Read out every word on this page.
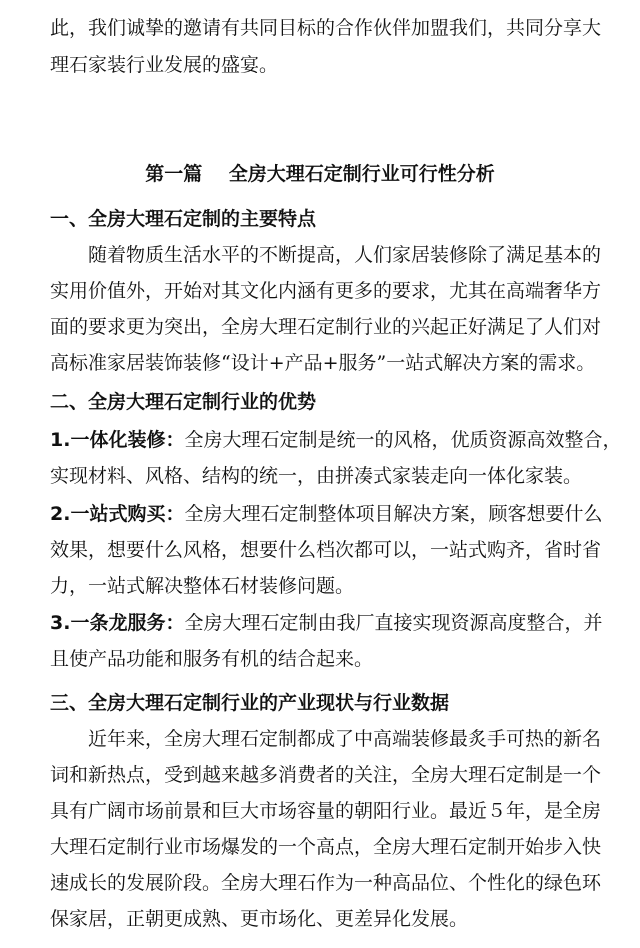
此，我们诚挚的邀请有共同目标的合作伙伴加盟我们，共同分享大
理石家装行业发展的盛宴。
第一篇    全房大理石定制行业可行性分析
一、全房大理石定制的主要特点
随着物质生活水平的不断提高，人们家居装修除了满足基本的
实用价值外，开始对其文化内涵有更多的要求，尤其在高端奢华方
面的要求更为突出，全房大理石定制行业的兴起正好满足了人们对
高标准家居装饰装修“设计+产品+服务”一站式解决方案的需求。
二、全房大理石定制行业的优势
1.一体化装修：全房大理石定制是统一的风格，优质资源高效整合，
实现材料、风格、结构的统一，由拼凑式家装走向一体化家装。
2.一站式购买：全房大理石定制整体项目解决方案，顾客想要什么
效果，想要什么风格，想要什么档次都可以，一站式购齐，省时省
力，一站式解决整体石材装修问题。
3.一条龙服务：全房大理石定制由我厂直接实现资源高度整合，并
且使产品功能和服务有机的结合起来。
三、全房大理石定制行业的产业现状与行业数据
近年来，全房大理石定制都成了中高端装修最炙手可热的新名
词和新热点，受到越来越多消费者的关注，全房大理石定制是一个
具有广阔市场前景和巨大市场容量的朝阳行业。最近５年，是全房
大理石定制行业市场爆发的一个高点，全房大理石定制开始步入快
速成长的发展阶段。全房大理石作为一种高品位、个性化的绿色环
保家居，正朝更成熟、更市场化、更差异化发展。
